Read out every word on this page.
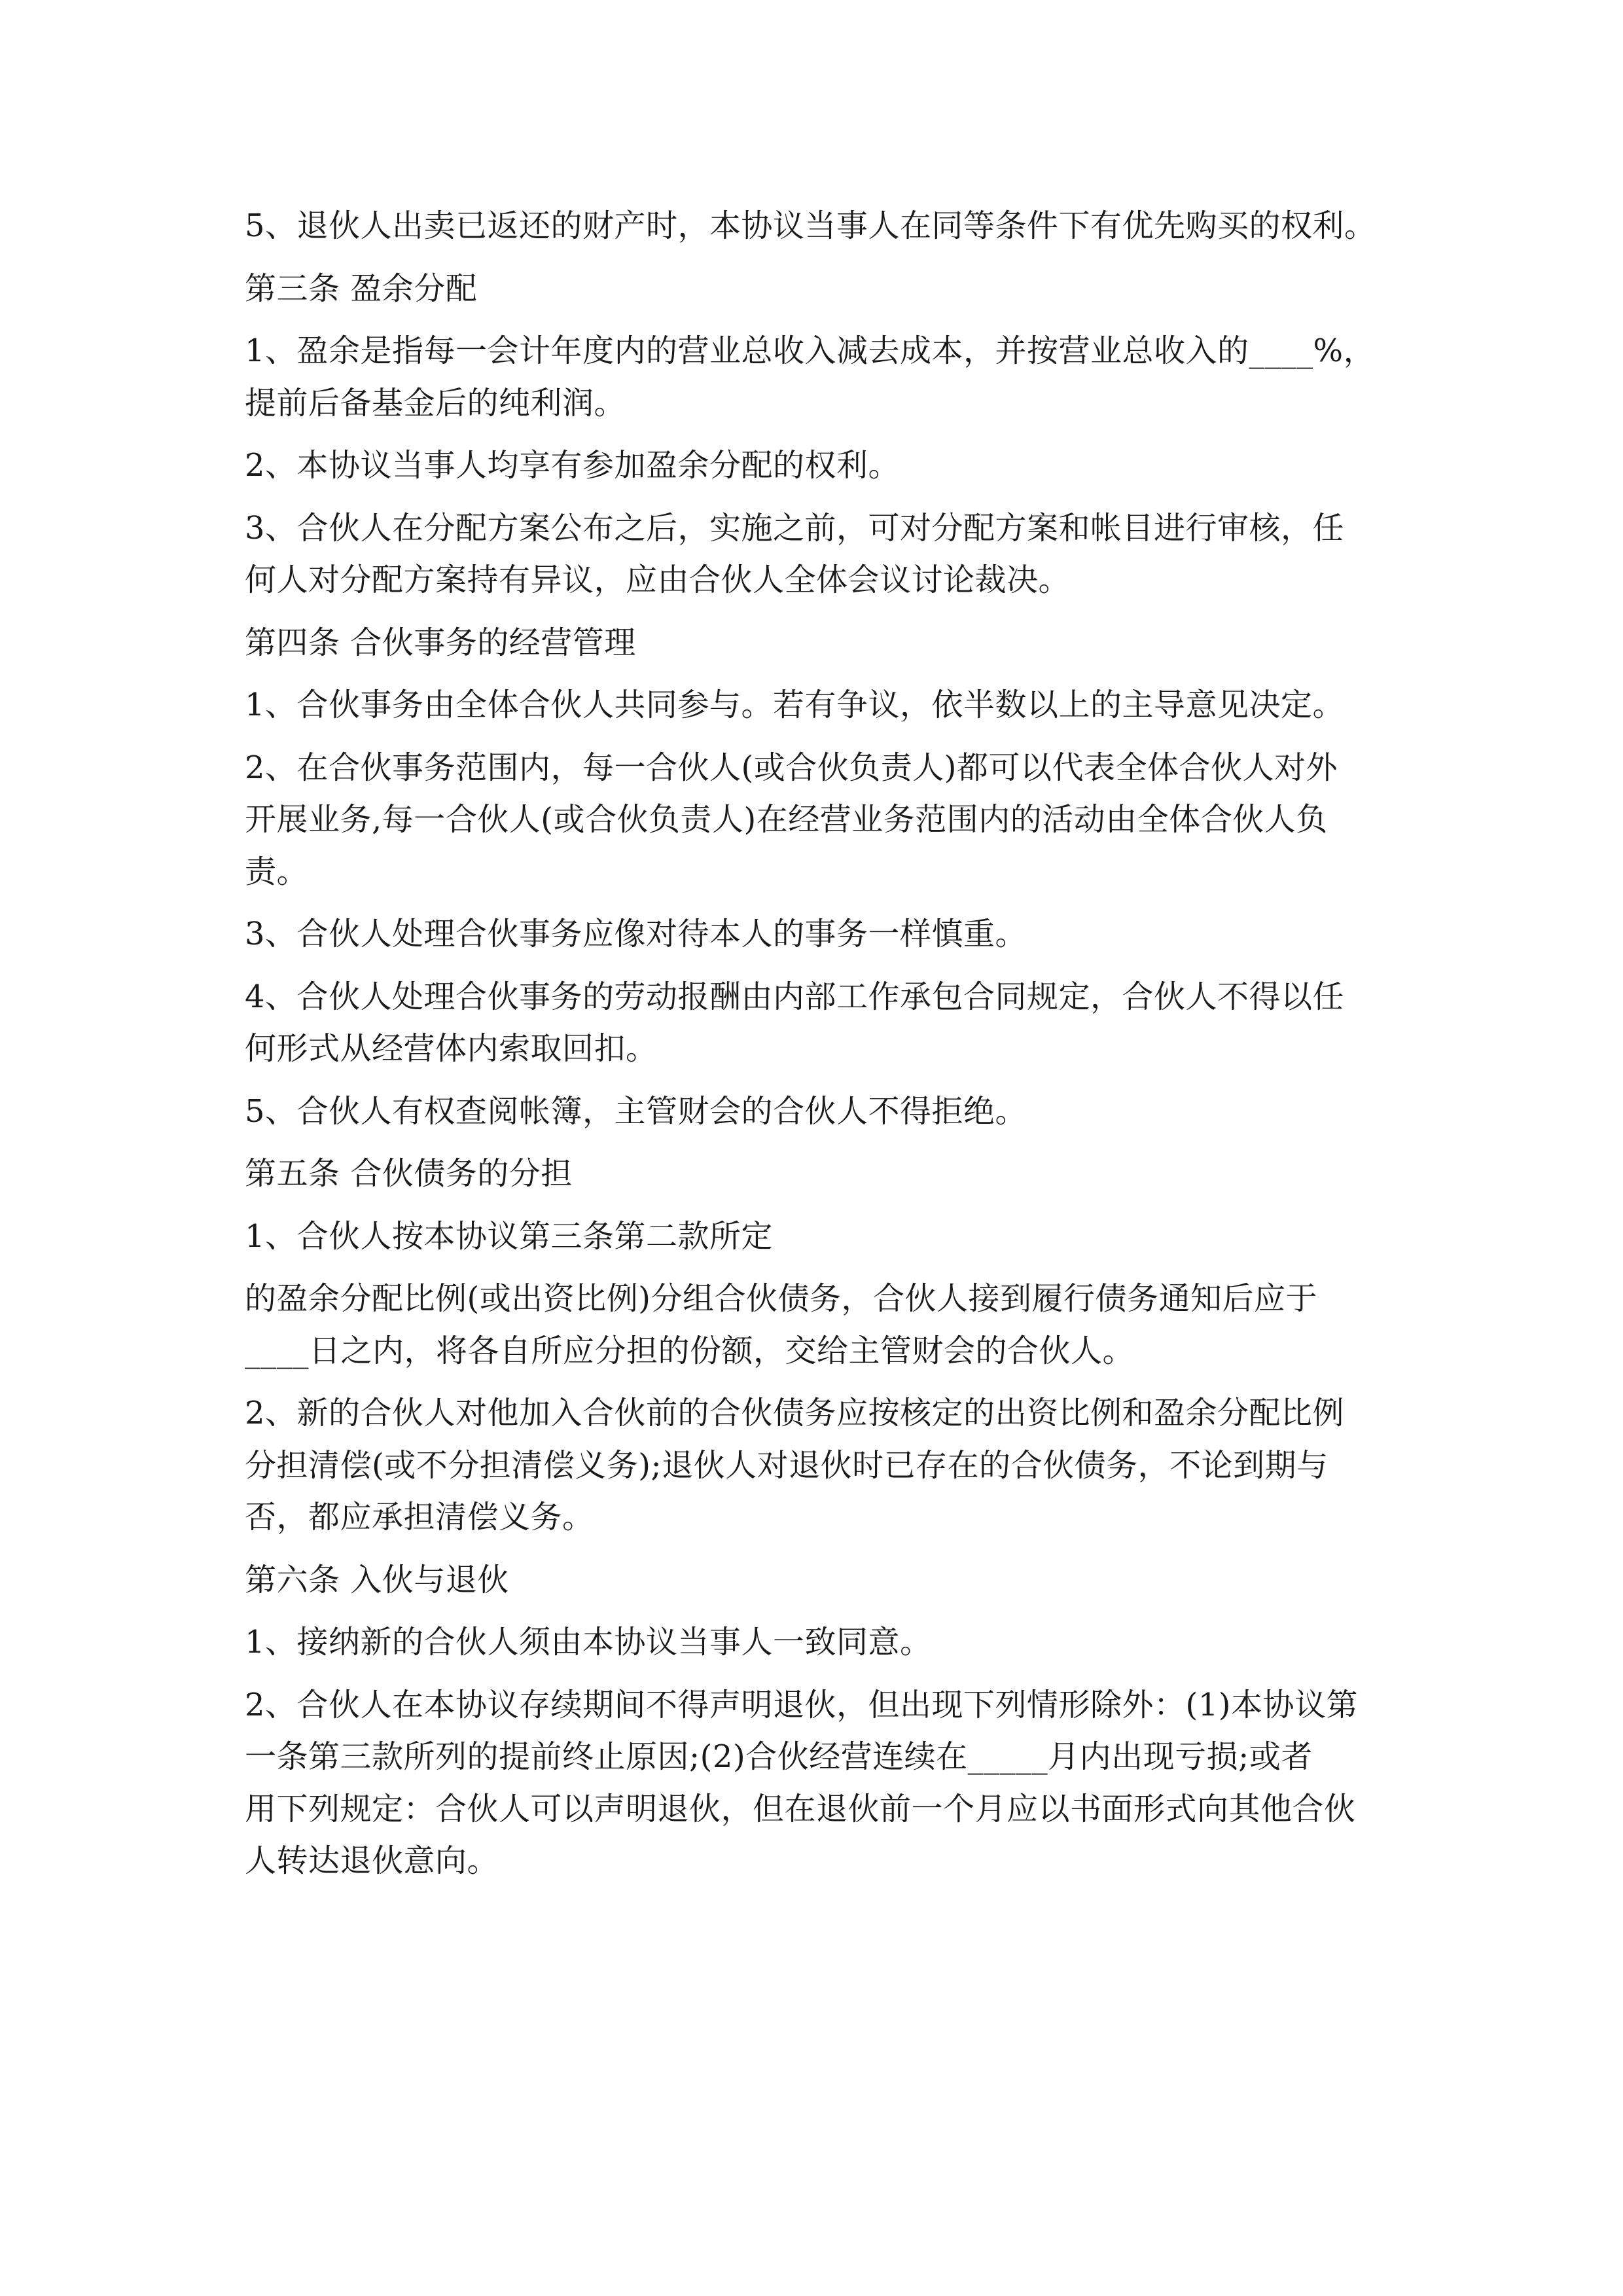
5、退伙人出卖已返还的财产时，本协议当事人在同等条件下有优先购买的权利。
第三条 盈余分配
1、盈余是指每一会计年度内的营业总收入减去成本，并按营业总收入的____%，
提前后备基金后的纯利润。
2、本协议当事人均享有参加盈余分配的权利。
3、合伙人在分配方案公布之后，实施之前，可对分配方案和帐目进行审核，任
何人对分配方案持有异议，应由合伙人全体会议讨论裁决。
第四条 合伙事务的经营管理
1、合伙事务由全体合伙人共同参与。若有争议，依半数以上的主导意见决定。
2、在合伙事务范围内，每一合伙人(或合伙负责人)都可以代表全体合伙人对外
开展业务,每一合伙人(或合伙负责人)在经营业务范围内的活动由全体合伙人负
责。
3、合伙人处理合伙事务应像对待本人的事务一样慎重。
4、合伙人处理合伙事务的劳动报酬由内部工作承包合同规定，合伙人不得以任
何形式从经营体内索取回扣。
5、合伙人有权查阅帐簿，主管财会的合伙人不得拒绝。
第五条 合伙债务的分担
1、合伙人按本协议第三条第二款所定
的盈余分配比例(或出资比例)分组合伙债务，合伙人接到履行债务通知后应于
____日之内，将各自所应分担的份额，交给主管财会的合伙人。
2、新的合伙人对他加入合伙前的合伙债务应按核定的出资比例和盈余分配比例
分担清偿(或不分担清偿义务);退伙人对退伙时已存在的合伙债务，不论到期与
否，都应承担清偿义务。
第六条 入伙与退伙
1、接纳新的合伙人须由本协议当事人一致同意。
2、合伙人在本协议存续期间不得声明退伙，但出现下列情形除外：(1)本协议第
一条第三款所列的提前终止原因;(2)合伙经营连续在_____月内出现亏损;或者
用下列规定：合伙人可以声明退伙，但在退伙前一个月应以书面形式向其他合伙
人转达退伙意向。
